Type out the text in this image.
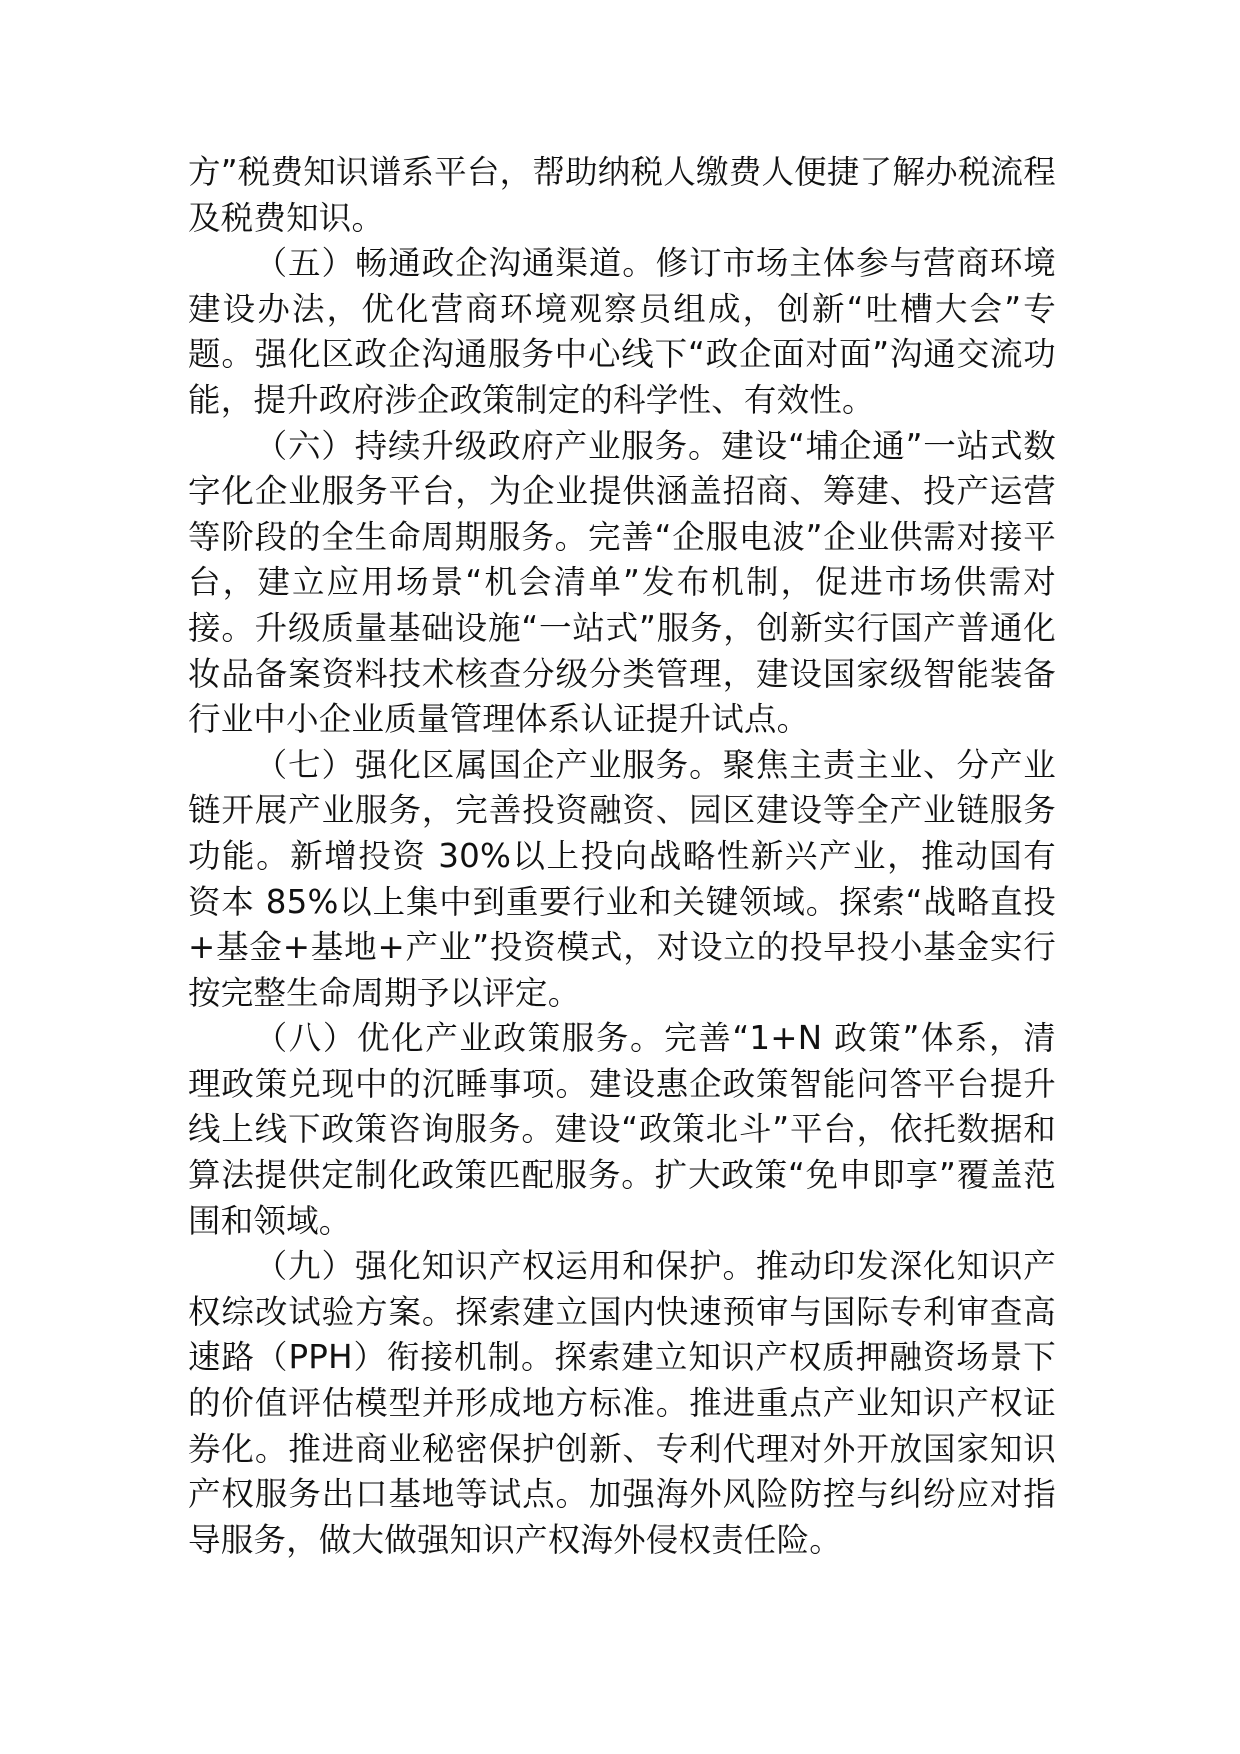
方”税费知识谱系平台，帮助纳税人缴费人便捷了解办税流程及税费知识。

（五）畅通政企沟通渠道。修订市场主体参与营商环境建设办法，优化营商环境观察员组成，创新“吐槽大会”专题。强化区政企沟通服务中心线下“政企面对面”沟通交流功能，提升政府涉企政策制定的科学性、有效性。

（六）持续升级政府产业服务。建设“埔企通”一站式数字化企业服务平台，为企业提供涵盖招商、筹建、投产运营等阶段的全生命周期服务。完善“企服电波”企业供需对接平台，建立应用场景“机会清单”发布机制，促进市场供需对接。升级质量基础设施“一站式”服务，创新实行国产普通化妆品备案资料技术核查分级分类管理，建设国家级智能装备行业中小企业质量管理体系认证提升试点。

（七）强化区属国企产业服务。聚焦主责主业、分产业链开展产业服务，完善投资融资、园区建设等全产业链服务功能。新增投资 30%以上投向战略性新兴产业，推动国有资本 85%以上集中到重要行业和关键领域。探索“战略直投+基金+基地+产业”投资模式，对设立的投早投小基金实行按完整生命周期予以评定。

（八）优化产业政策服务。完善“1+N 政策”体系，清理政策兑现中的沉睡事项。建设惠企政策智能问答平台提升线上线下政策咨询服务。建设“政策北斗”平台，依托数据和算法提供定制化政策匹配服务。扩大政策“免申即享”覆盖范围和领域。

（九）强化知识产权运用和保护。推动印发深化知识产权综改试验方案。探索建立国内快速预审与国际专利审查高速路（PPH）衔接机制。探索建立知识产权质押融资场景下的价值评估模型并形成地方标准。推进重点产业知识产权证券化。推进商业秘密保护创新、专利代理对外开放国家知识产权服务出口基地等试点。加强海外风险防控与纠纷应对指导服务，做大做强知识产权海外侵权责任险。
